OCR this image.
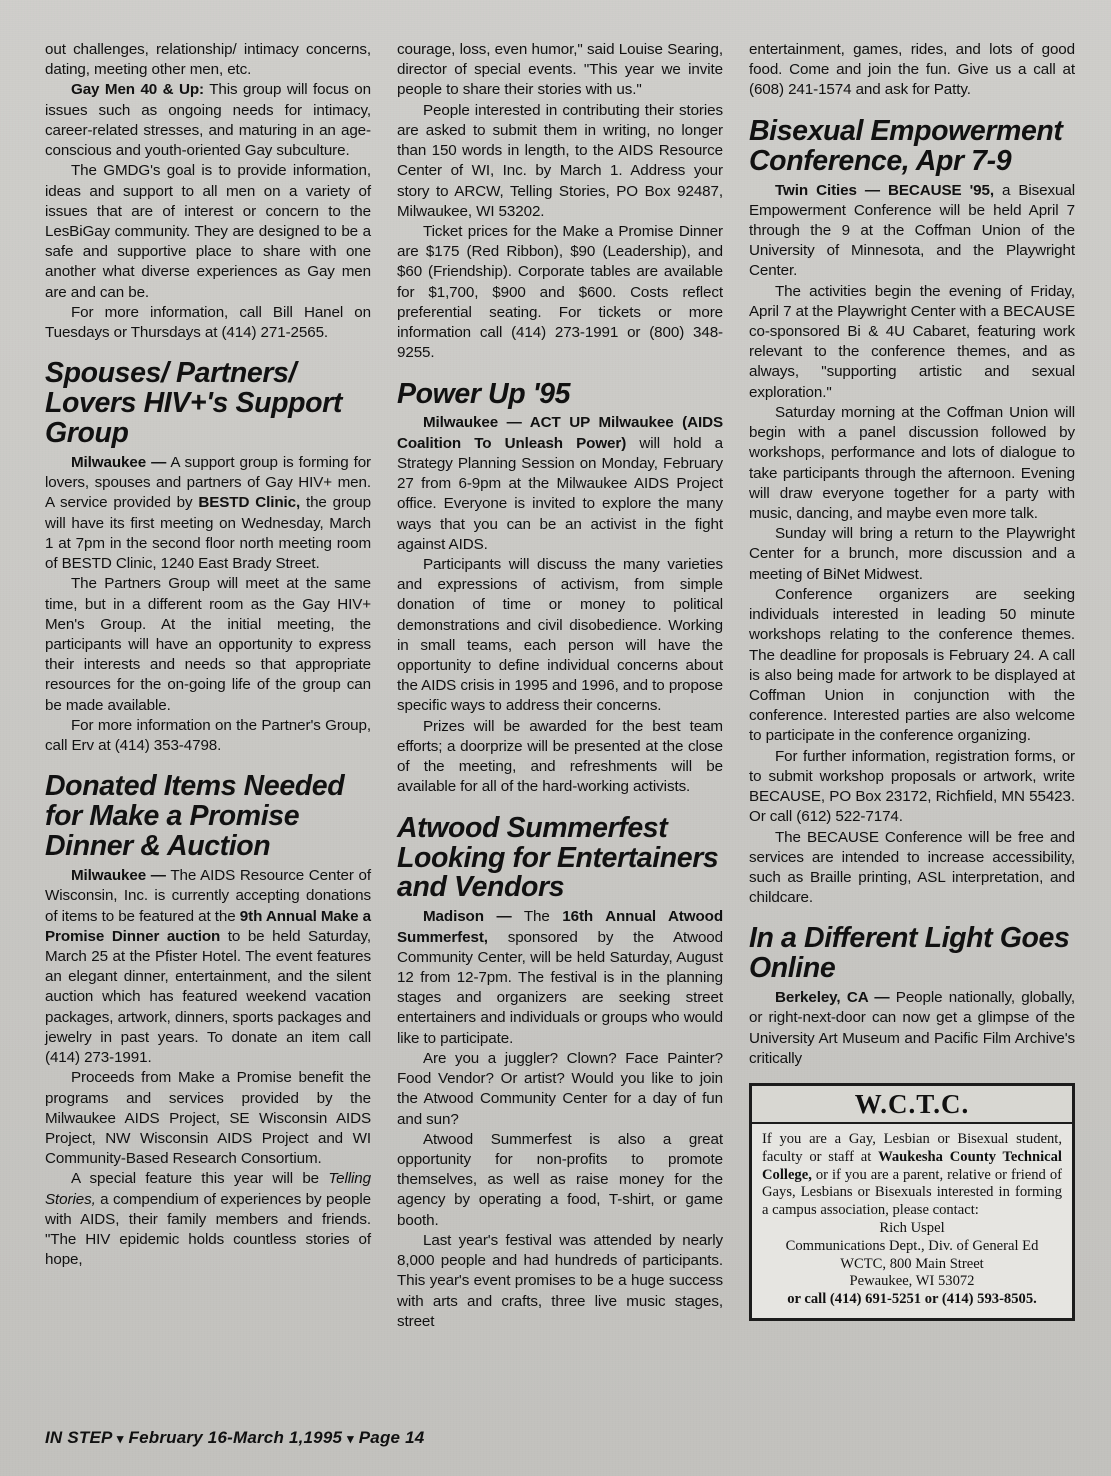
out challenges, relationship/ intimacy concerns, dating, meeting other men, etc.

Gay Men 40 & Up: This group will focus on issues such as ongoing needs for intimacy, career-related stresses, and maturing in an age-conscious and youth-oriented Gay subculture.

The GMDG's goal is to provide information, ideas and support to all men on a variety of issues that are of interest or concern to the LesBiGay community. They are designed to be a safe and supportive place to share with one another what diverse experiences as Gay men are and can be.

For more information, call Bill Hanel on Tuesdays or Thursdays at (414) 271-2565.

Spouses/ Partners/ Lovers HIV+'s Support Group

Milwaukee — A support group is forming for lovers, spouses and partners of Gay HIV+ men. A service provided by BESTD Clinic, the group will have its first meeting on Wednesday, March 1 at 7pm in the second floor north meeting room of BESTD Clinic, 1240 East Brady Street.

The Partners Group will meet at the same time, but in a different room as the Gay HIV+ Men's Group. At the initial meeting, the participants will have an opportunity to express their interests and needs so that appropriate resources for the on-going life of the group can be made available.

For more information on the Partner's Group, call Erv at (414) 353-4798.

Donated Items Needed for Make a Promise Dinner & Auction

Milwaukee — The AIDS Resource Center of Wisconsin, Inc. is currently accepting donations of items to be featured at the 9th Annual Make a Promise Dinner auction to be held Saturday, March 25 at the Pfister Hotel. The event features an elegant dinner, entertainment, and the silent auction which has featured weekend vacation packages, artwork, dinners, sports packages and jewelry in past years. To donate an item call (414) 273-1991.

Proceeds from Make a Promise benefit the programs and services provided by the Milwaukee AIDS Project, SE Wisconsin AIDS Project, NW Wisconsin AIDS Project and WI Community-Based Research Consortium.

A special feature this year will be Telling Stories, a compendium of experiences by people with AIDS, their family members and friends. "The HIV epidemic holds countless stories of hope,

courage, loss, even humor," said Louise Searing, director of special events. "This year we invite people to share their stories with us."

People interested in contributing their stories are asked to submit them in writing, no longer than 150 words in length, to the AIDS Resource Center of WI, Inc. by March 1. Address your story to ARCW, Telling Stories, PO Box 92487, Milwaukee, WI 53202.

Ticket prices for the Make a Promise Dinner are $175 (Red Ribbon), $90 (Leadership), and $60 (Friendship). Corporate tables are available for $1,700, $900 and $600. Costs reflect preferential seating. For tickets or more information call (414) 273-1991 or (800) 348-9255.

Power Up '95

Milwaukee — ACT UP Milwaukee (AIDS Coalition To Unleash Power) will hold a Strategy Planning Session on Monday, February 27 from 6-9pm at the Milwaukee AIDS Project office. Everyone is invited to explore the many ways that you can be an activist in the fight against AIDS.

Participants will discuss the many varieties and expressions of activism, from simple donation of time or money to political demonstrations and civil disobedience. Working in small teams, each person will have the opportunity to define individual concerns about the AIDS crisis in 1995 and 1996, and to propose specific ways to address their concerns.

Prizes will be awarded for the best team efforts; a doorprize will be presented at the close of the meeting, and refreshments will be available for all of the hard-working activists.

Atwood Summerfest Looking for Entertainers and Vendors

Madison — The 16th Annual Atwood Summerfest, sponsored by the Atwood Community Center, will be held Saturday, August 12 from 12-7pm. The festival is in the planning stages and organizers are seeking street entertainers and individuals or groups who would like to participate.

Are you a juggler? Clown? Face Painter? Food Vendor? Or artist? Would you like to join the Atwood Community Center for a day of fun and sun?

Atwood Summerfest is also a great opportunity for non-profits to promote themselves, as well as raise money for the agency by operating a food, T-shirt, or game booth.

Last year's festival was attended by nearly 8,000 people and had hundreds of participants. This year's event promises to be a huge success with arts and crafts, three live music stages, street

entertainment, games, rides, and lots of good food. Come and join the fun. Give us a call at (608) 241-1574 and ask for Patty.

Bisexual Empowerment Conference, Apr 7-9

Twin Cities — BECAUSE '95, a Bisexual Empowerment Conference will be held April 7 through the 9 at the Coffman Union of the University of Minnesota, and the Playwright Center.

The activities begin the evening of Friday, April 7 at the Playwright Center with a BECAUSE co-sponsored Bi & 4U Cabaret, featuring work relevant to the conference themes, and as always, "supporting artistic and sexual exploration."

Saturday morning at the Coffman Union will begin with a panel discussion followed by workshops, performance and lots of dialogue to take participants through the afternoon. Evening will draw everyone together for a party with music, dancing, and maybe even more talk.

Sunday will bring a return to the Playwright Center for a brunch, more discussion and a meeting of BiNet Midwest.

Conference organizers are seeking individuals interested in leading 50 minute workshops relating to the conference themes. The deadline for proposals is February 24. A call is also being made for artwork to be displayed at Coffman Union in conjunction with the conference. Interested parties are also welcome to participate in the conference organizing.

For further information, registration forms, or to submit workshop proposals or artwork, write BECAUSE, PO Box 23172, Richfield, MN 55423. Or call (612) 522-7174.

The BECAUSE Conference will be free and services are intended to increase accessibility, such as Braille printing, ASL interpretation, and childcare.

In a Different Light Goes Online

Berkeley, CA — People nationally, globally, or right-next-door can now get a glimpse of the University Art Museum and Pacific Film Archive's critically

W.C.T.C.
If you are a Gay, Lesbian or Bisexual student, faculty or staff at Waukesha County Technical College, or if you are a parent, relative or friend of Gays, Lesbians or Bisexuals interested in forming a campus association, please contact:
Rich Uspel
Communications Dept., Div. of General Ed
WCTC, 800 Main Street
Pewaukee, WI 53072
or call (414) 691-5251 or (414) 593-8505.
IN STEP ▾ February 16-March 1,1995 ▾ Page 14
